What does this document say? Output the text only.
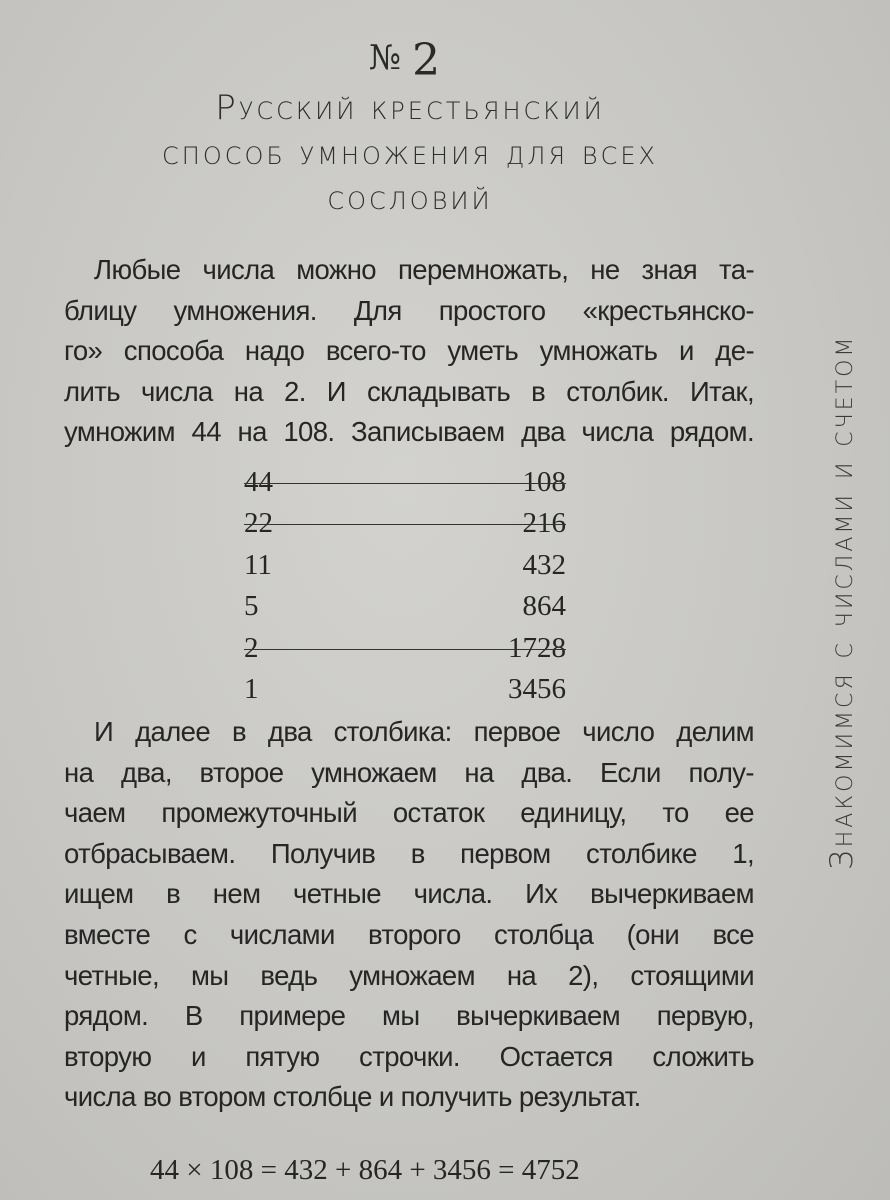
№ 2
Русский крестьянский
способ умножения для всех
сословий
Любые числа можно перемножать, не зная та-
блицу умножения. Для простого «крестьянско-
го» способа надо всего-то уметь умножать и де-
лить числа на 2. И складывать в столбик. Итак,
умножим 44 на 108. Записываем два числа рядом.
44	108
22	216
11	432
5	864
2	1728
1	3456
И далее в два столбика: первое число делим
на два, второе умножаем на два. Если полу-
чаем промежуточный остаток единицу, то ее
отбрасываем. Получив в первом столбике 1,
ищем в нем четные числа. Их вычеркиваем
вместе с числами второго столбца (они все
четные, мы ведь умножаем на 2), стоящими
рядом. В примере мы вычеркиваем первую,
вторую и пятую строчки. Остается сложить
числа во втором столбце и получить результат.
44 × 108 = 432 + 864 + 3456 = 4752
Знакомимся с числами и счетом
